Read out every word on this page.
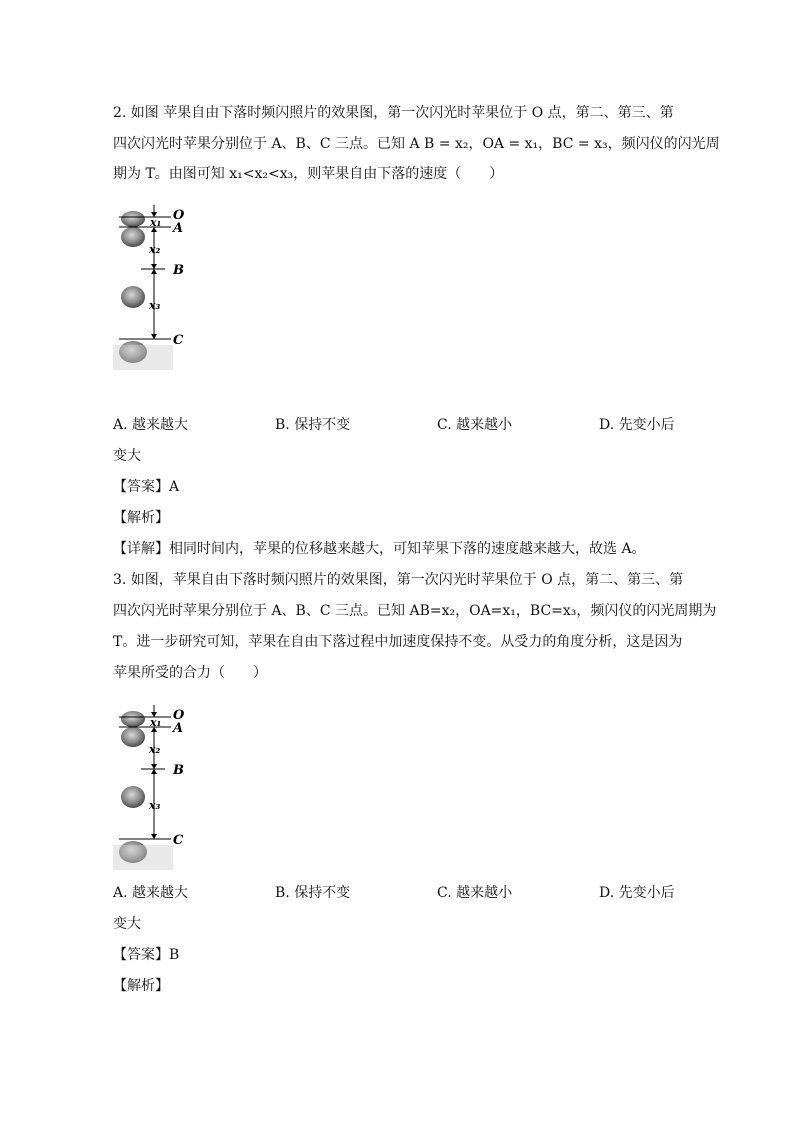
2. 如图 苹果自由下落时频闪照片的效果图，第一次闪光时苹果位于 O 点，第二、第三、第
四次闪光时苹果分别位于 A、B、C 三点。已知 A B = x₂，OA = x₁，BC = x₃，频闪仪的闪光周
期为 T。由图可知 x₁<x₂<x₃，则苹果自由下落的速度（　　）
x₁
x₂
x₃
O
A
B
C
A. 越来越大	B. 保持不变	C. 越来越小	D. 先变小后
变大
【答案】A
【解析】
【详解】相同时间内，苹果的位移越来越大，可知苹果下落的速度越来越大，故选 A。
3. 如图，苹果自由下落时频闪照片的效果图，第一次闪光时苹果位于 O 点，第二、第三、第
四次闪光时苹果分别位于 A、B、C 三点。已知 AB=x₂，OA=x₁，BC=x₃，频闪仪的闪光周期为
T。进一步研究可知，苹果在自由下落过程中加速度保持不变。从受力的角度分析，这是因为
苹果所受的合力（　　）
x₁
x₂
x₃
O
A
B
C
A. 越来越大	B. 保持不变	C. 越来越小	D. 先变小后
变大
【答案】B
【解析】
